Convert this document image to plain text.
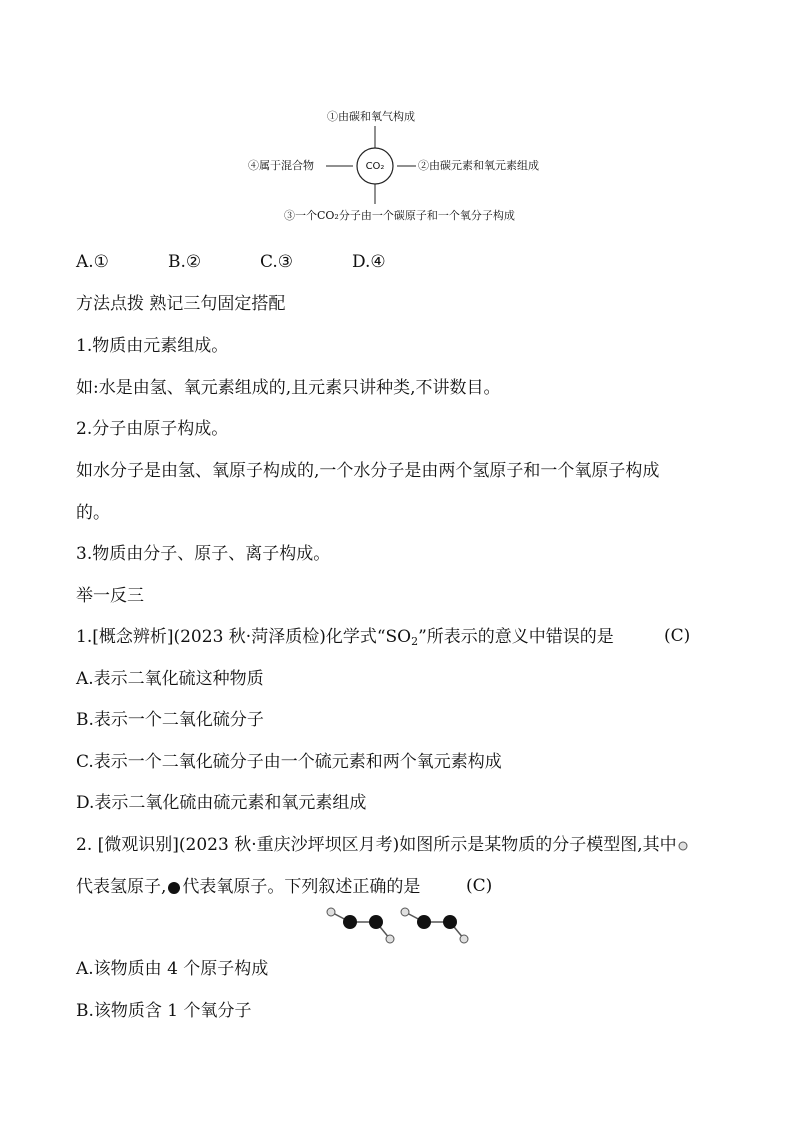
CO₂
①由碳和氧气构成
②由碳元素和氧元素组成
③一个CO₂分子由一个碳原子和一个氧分子构成
④属于混合物
A.①	B.②	C.③	D.④
方法点拨 熟记三句固定搭配
1.物质由元素组成。
如:水是由氢、氧元素组成的,且元素只讲种类,不讲数目。
2.分子由原子构成。
如水分子是由氢、氧原子构成的,一个水分子是由两个氢原子和一个氧原子构成
的。
3.物质由分子、原子、离子构成。
举一反三
1.[概念辨析](2023 秋·菏泽质检)化学式“$SO_2$”所表示的意义中错误的是	(C)
A.表示二氧化硫这种物质
B.表示一个二氧化硫分子
C.表示一个二氧化硫分子由一个硫元素和两个氧元素构成
D.表示二氧化硫由硫元素和氧元素组成
2. [微观识别](2023 秋·重庆沙坪坝区月考)如图所示是某物质的分子模型图,其中
代表氢原子, 代表氧原子。下列叙述正确的是	(C)
A.该物质由 4 个原子构成
B.该物质含 1 个氧分子
